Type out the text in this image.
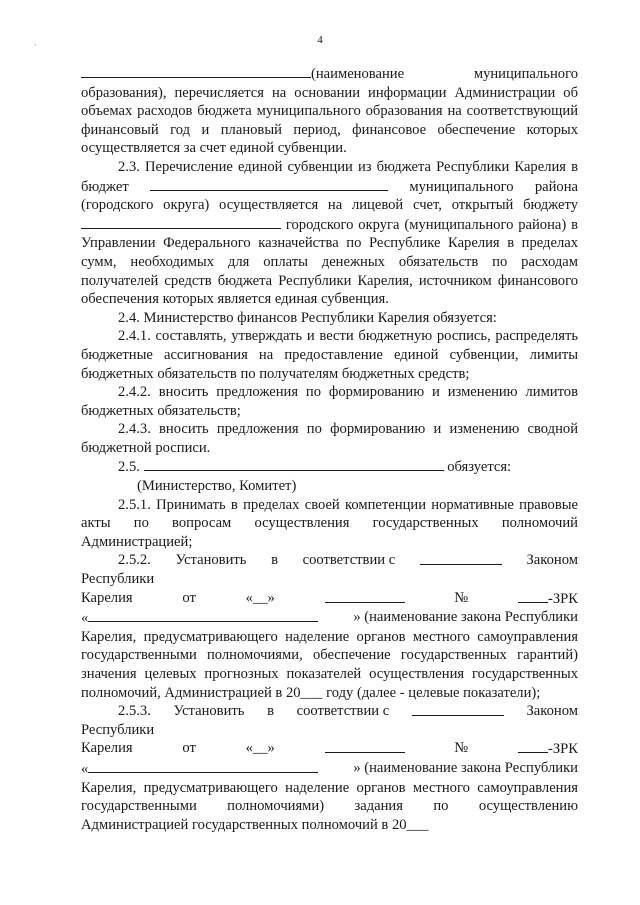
4
·

(наименование муниципального образования), перечисляется на основании информации Администрации об объемах расходов бюджета муниципального образования на соответствующий финансовый год и плановый период, финансовое обеспечение которых осуществляется за счет единой субвенции.

2.3. Перечисление единой субвенции из бюджета Республики Карелия в бюджет	муниципального района (городского округа) осуществляется на лицевой счет, открытый бюджету  городского округа (муниципального района) в Управлении Федерального казначейства по Республике Карелия в пределах сумм, необходимых для оплаты денежных обязательств по расходам получателей средств бюджета Республики Карелия, источником финансового обеспечения которых является единая субвенция.

2.4. Министерство финансов Республики Карелия обязуется:

2.4.1. составлять, утверждать и вести бюджетную роспись, распределять бюджетные ассигнования на предоставление единой субвенции, лимиты бюджетных обязательств по получателям бюджетных средств;

2.4.2. вносить предложения по формированию и изменению лимитов бюджетных обязательств;

2.4.3. вносить предложения по формированию и изменению сводной бюджетной росписи.

2.5.	обязуется:

(Министерство, Комитет)

2.5.1. Принимать в пределах своей компетенции нормативные правовые акты по вопросам осуществления государственных полномочий Администрацией;

2.5.2. Установить в соответствии с	Законом
Республики
Карелия	от	«__»	№	-ЗРК
«	» (наименование закона Республики

Карелия, предусматривающего наделение органов местного самоуправления государственными полномочиями, обеспечение государственных гарантий) значения целевых прогнозных показателей осуществления государственных полномочий, Администрацией в 20___ году (далее - целевые показатели);

2.5.3. Установить в соответствии с	Законом
Республики
Карелия	от	«__»	№	-ЗРК
«	» (наименование закона Республики

Карелия, предусматривающего наделение органов местного самоуправления государственными полномочиями) задания по осуществлению Администрацией государственных полномочий в 20___
